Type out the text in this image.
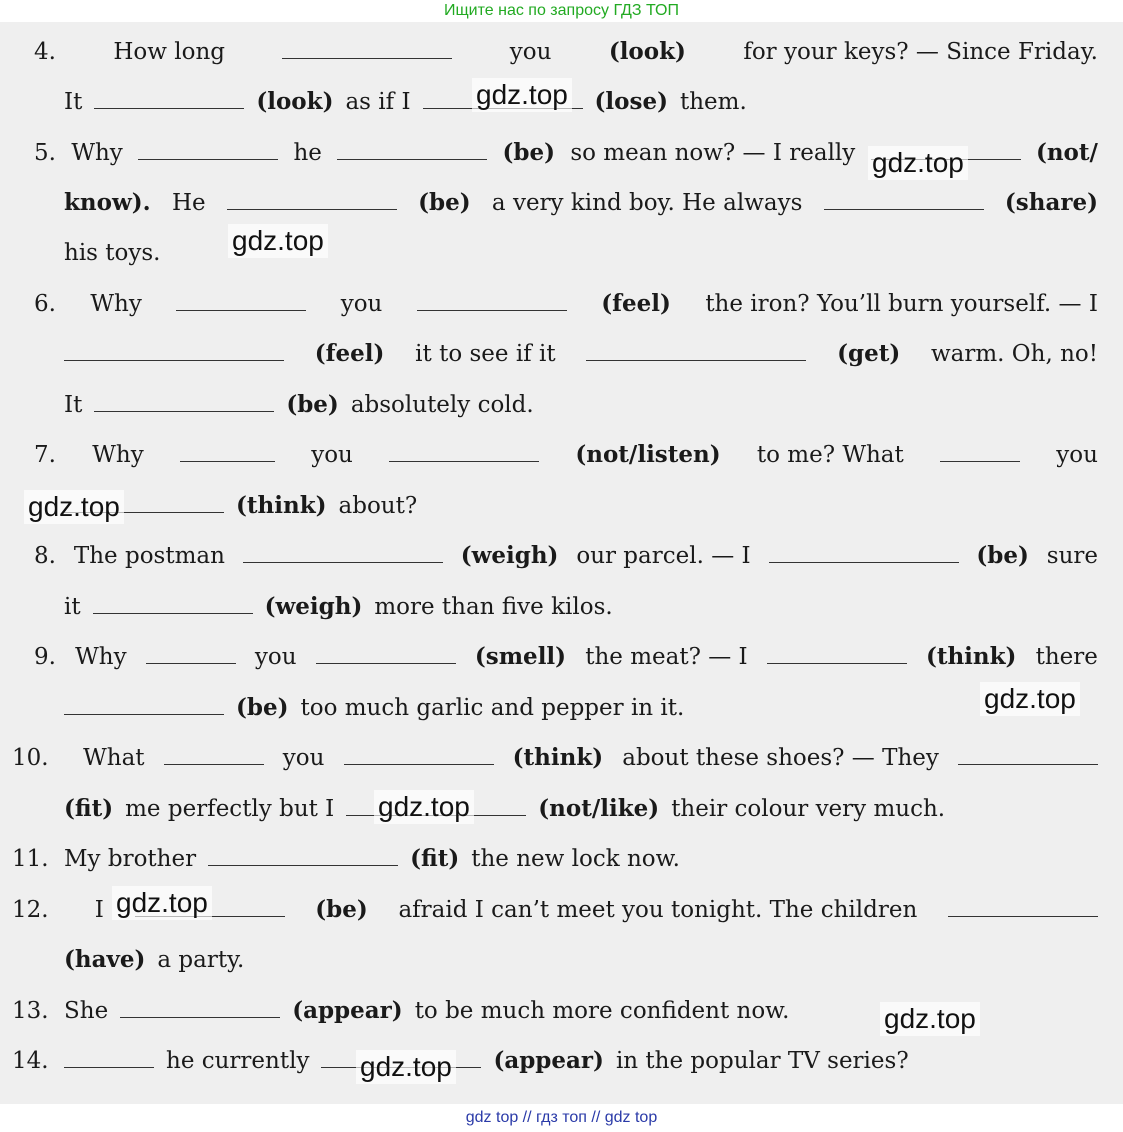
Ищите нас по запросу ГДЗ ТОП
gdz top // гдз топ // gdz top
4. How long	you (look) for your keys? — Since Friday.
It	(look) as if I	(lose) them.
5. Why	he	(be) so mean now? — I really	(not/
know). He	(be) a very kind boy. He always	(share)
his toys.
6. Why	you	(feel) the iron? You’ll burn yourself. — I
(feel) it to see if it	(get) warm. Oh, no!
It	(be) absolutely cold.
7. Why	you	(not/listen) to me? What	you
(think) about?
8. The postman	(weigh) our parcel. — I	(be) sure
it	(weigh) more than five kilos.
9. Why	you	(smell) the meat? — I	(think) there
(be) too much garlic and pepper in it.
10.	What	you	(think) about these shoes? — They
(fit) me perfectly but I	(not/like) their colour very much.
11. My brother	(fit) the new lock now.
12.	I	(be) afraid I can’t meet you tonight. The children
(have) a party.
13. She	(appear) to be much more confident now.
14.	he currently	(appear) in the popular TV series?
gdz.top
gdz.top
gdz.top
gdz.top
gdz.top
gdz.top
gdz.top
gdz.top
gdz.top
